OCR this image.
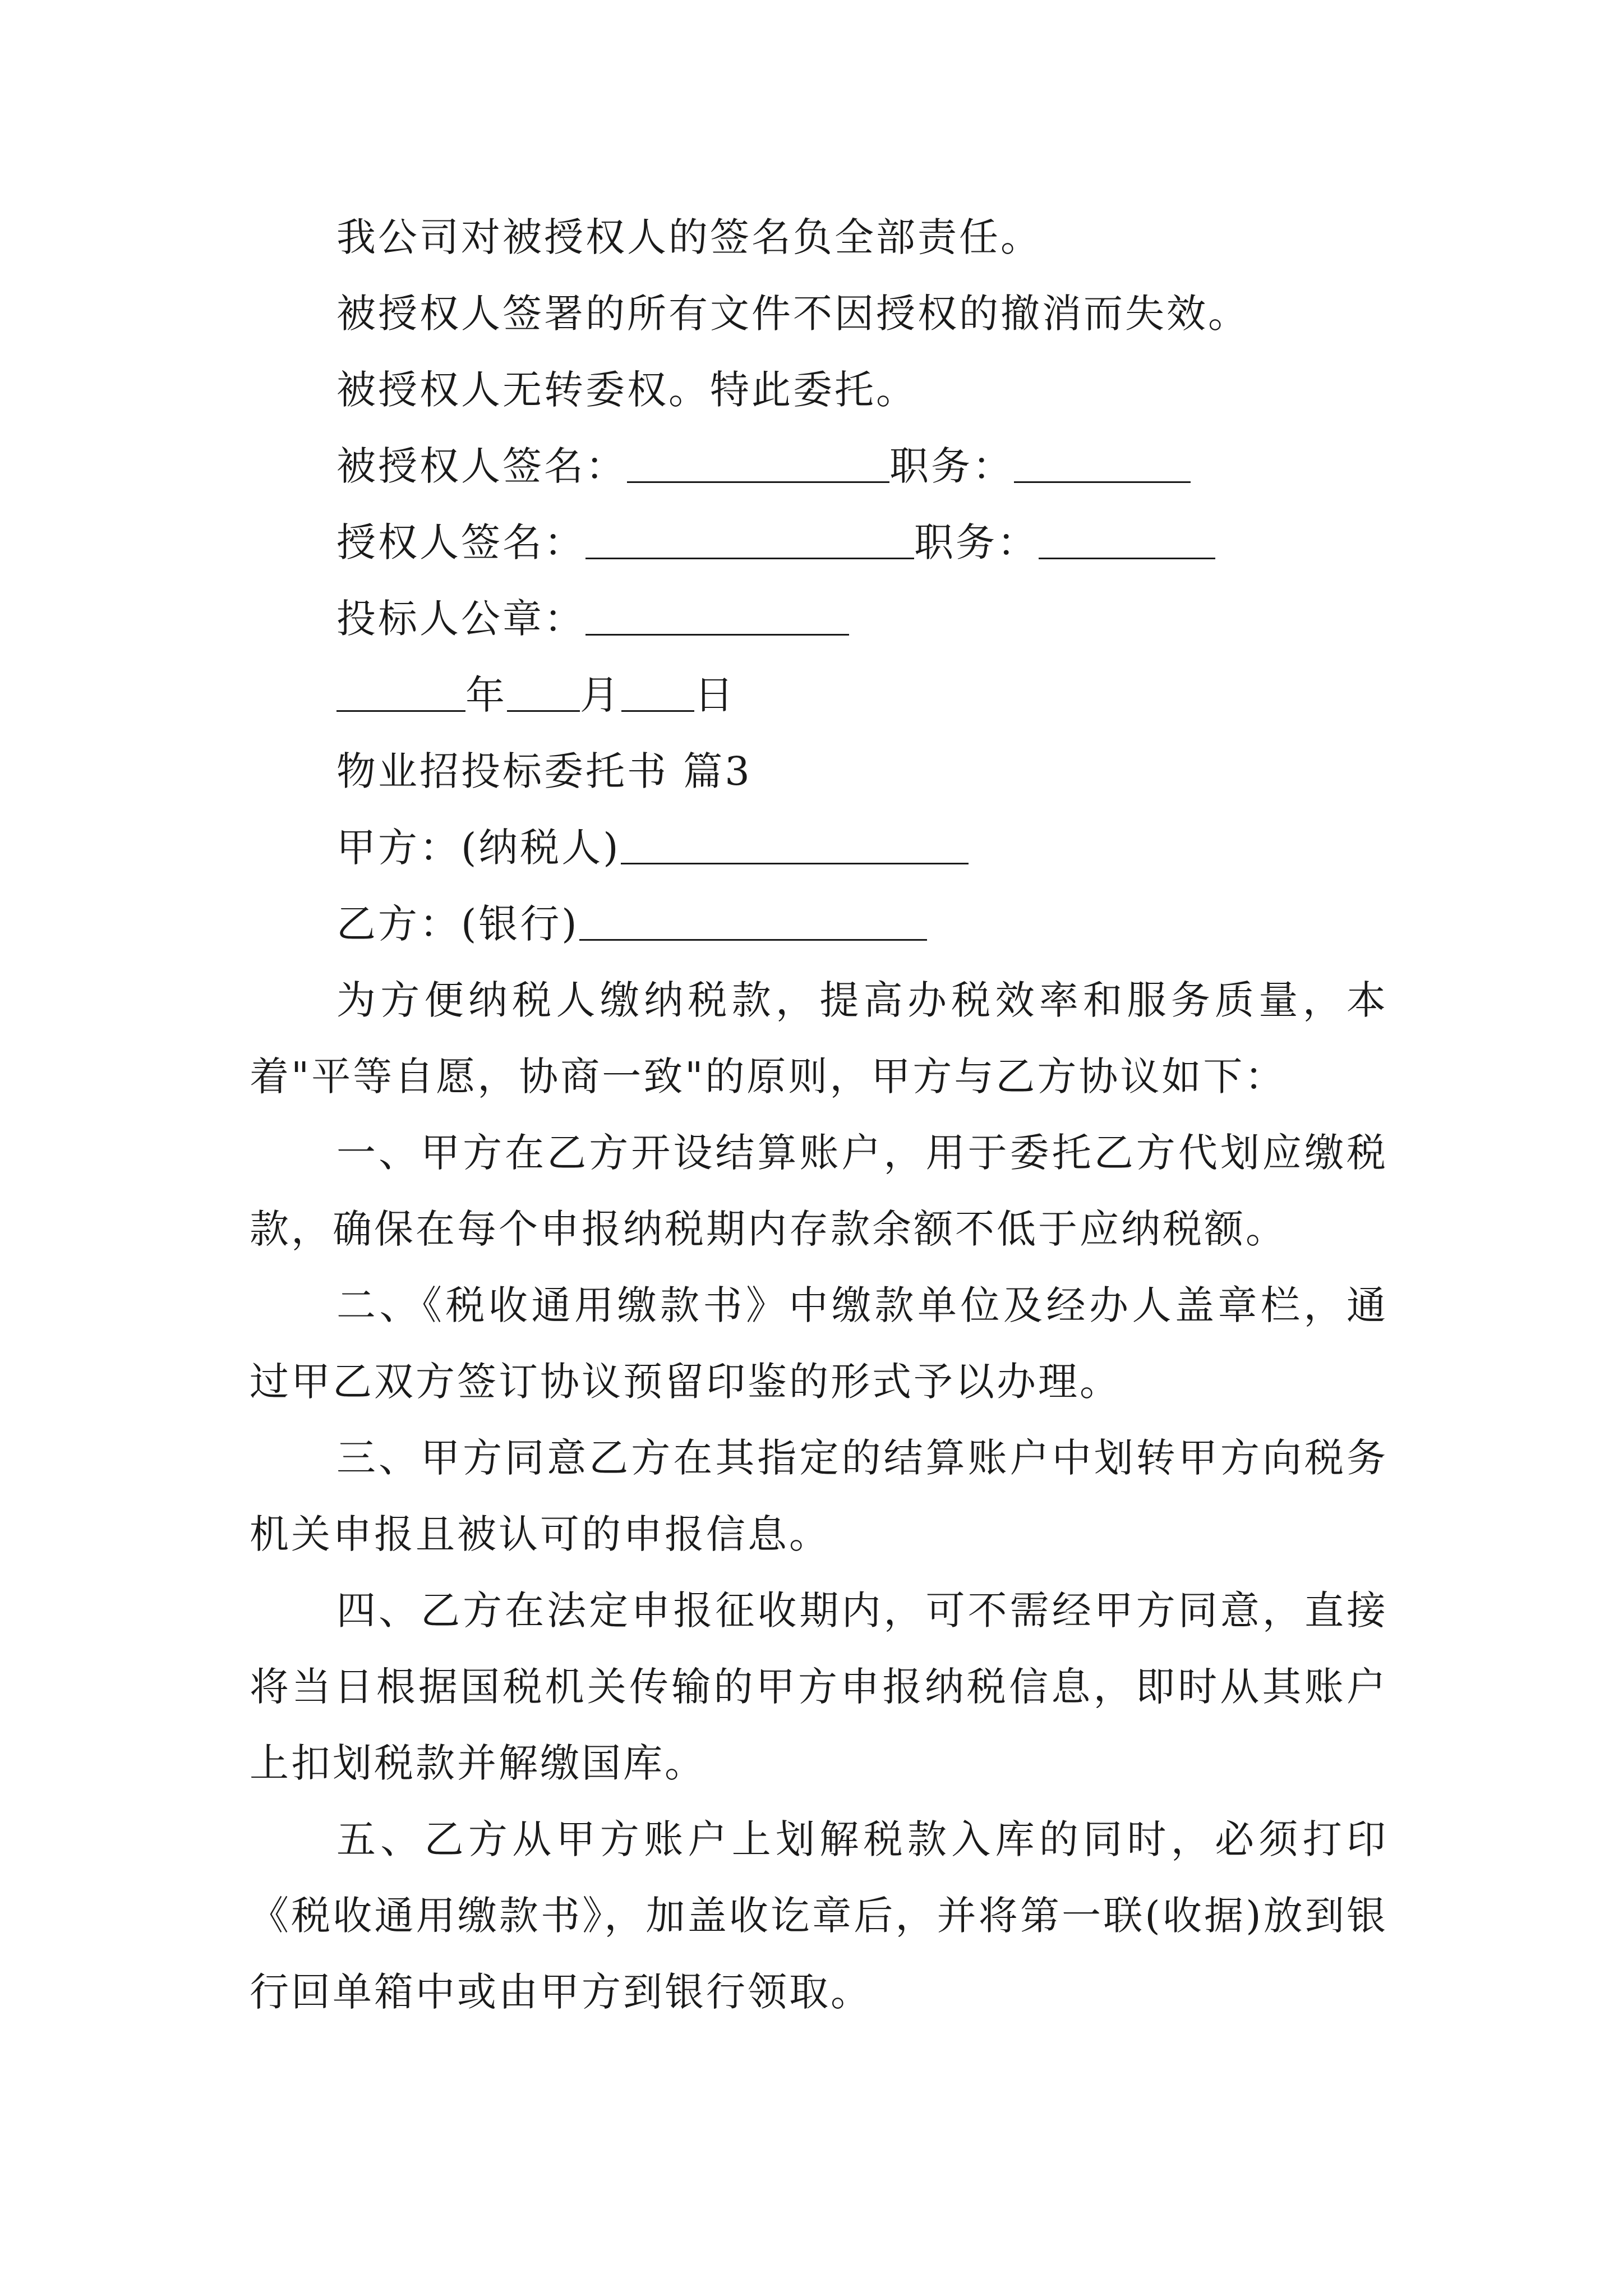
我公司对被授权人的签名负全部责任。
被授权人签署的所有文件不因授权的撤消而失效。
被授权人无转委权。特此委托。
被授权人签名：	职务：
授权人签名：	职务：
投标人公章：
年 月 日
物业招投标委托书 篇3
甲方：(纳税人)
乙方：(银行)

为方便纳税人缴纳税款，提高办税效率和服务质量，本着"平等自愿，协商一致"的原则，甲方与乙方协议如下：

一、甲方在乙方开设结算账户，用于委托乙方代划应缴税款，确保在每个申报纳税期内存款余额不低于应纳税额。

二、《税收通用缴款书》中缴款单位及经办人盖章栏，通过甲乙双方签订协议预留印鉴的形式予以办理。

三、甲方同意乙方在其指定的结算账户中划转甲方向税务机关申报且被认可的申报信息。

四、乙方在法定申报征收期内，可不需经甲方同意，直接将当日根据国税机关传输的甲方申报纳税信息，即时从其账户上扣划税款并解缴国库。

五、乙方从甲方账户上划解税款入库的同时，必须打印《税收通用缴款书》，加盖收讫章后，并将第一联(收据)放到银行回单箱中或由甲方到银行领取。
